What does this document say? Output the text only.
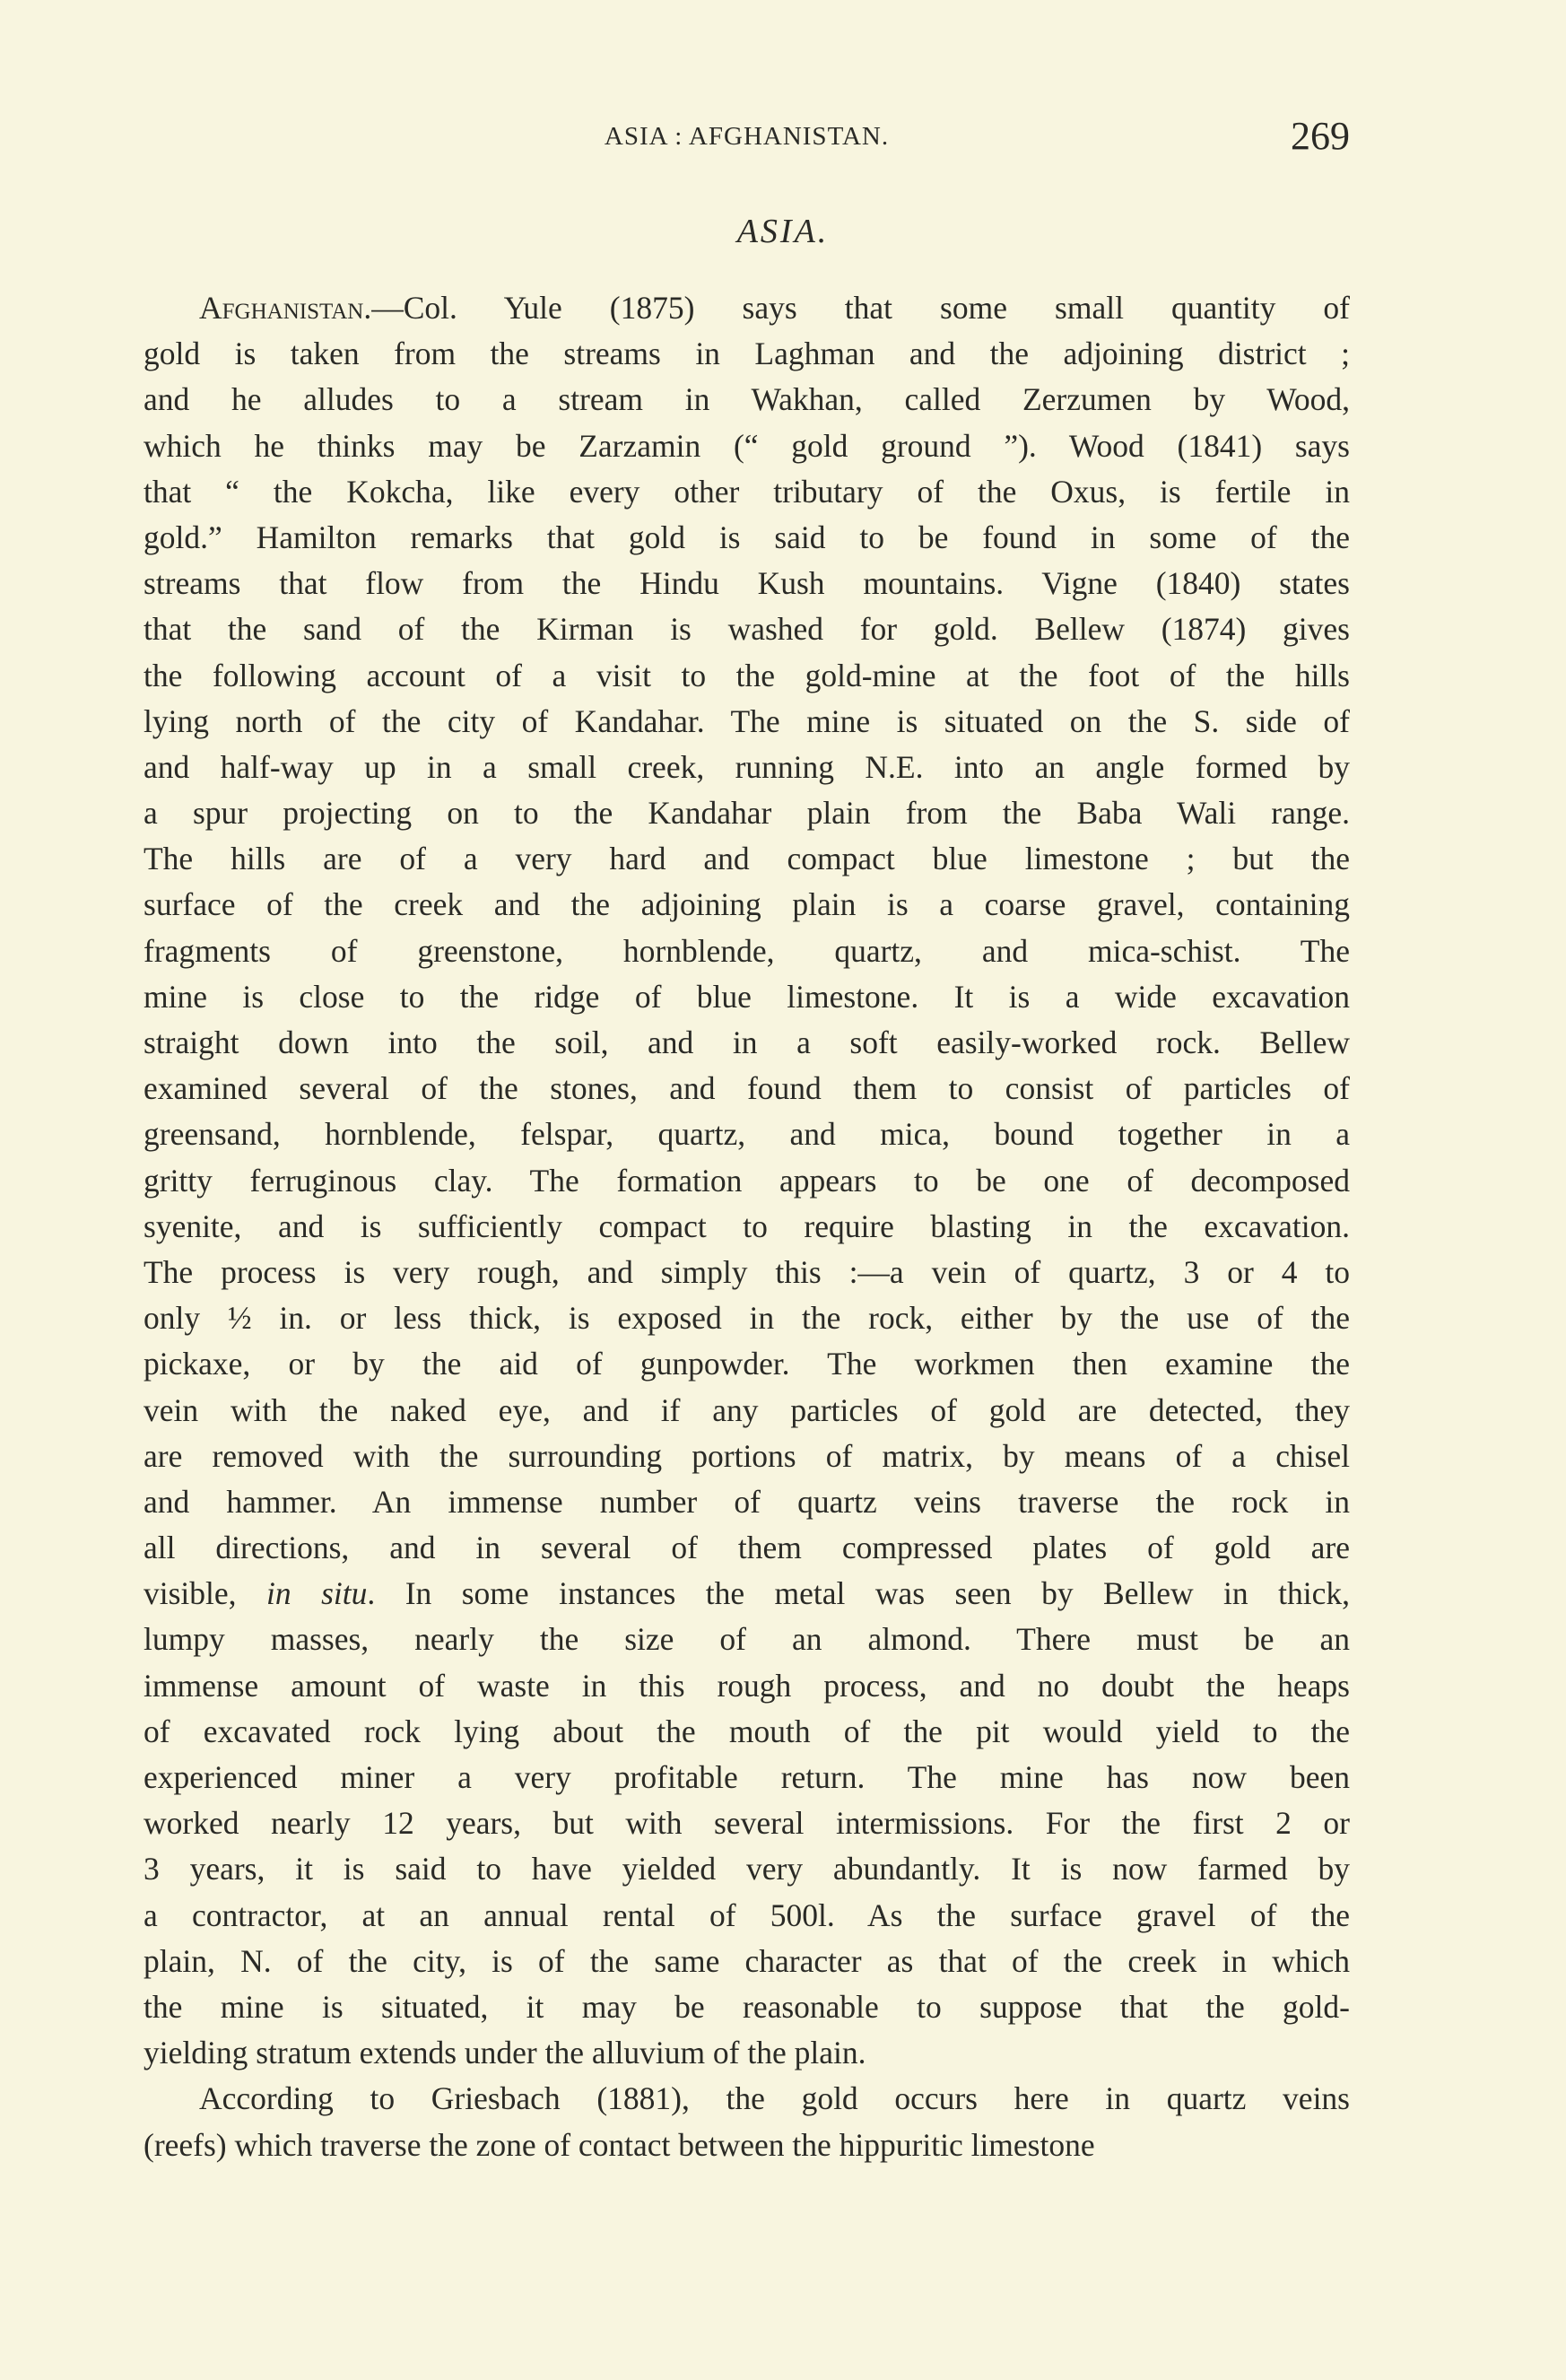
ASIA : AFGHANISTAN.	269
ASIA.
Afghanistan.—Col. Yule (1875) says that some small quantity of
gold is taken from the streams in Laghman and the adjoining district ;
and he alludes to a stream in Wakhan, called Zerzumen by Wood,
which he thinks may be Zarzamin (“ gold ground ”). Wood (1841) says
that “ the Kokcha, like every other tributary of the Oxus, is fertile in
gold.” Hamilton remarks that gold is said to be found in some of the
streams that flow from the Hindu Kush mountains. Vigne (1840) states
that the sand of the Kirman is washed for gold. Bellew (1874) gives
the following account of a visit to the gold-mine at the foot of the hills
lying north of the city of Kandahar. The mine is situated on the S. side of
and half-way up in a small creek, running N.E. into an angle formed by
a spur projecting on to the Kandahar plain from the Baba Wali range.
The hills are of a very hard and compact blue limestone ; but the
surface of the creek and the adjoining plain is a coarse gravel, containing
fragments of greenstone, hornblende, quartz, and mica-schist. The
mine is close to the ridge of blue limestone. It is a wide excavation
straight down into the soil, and in a soft easily-worked rock. Bellew
examined several of the stones, and found them to consist of particles of
greensand, hornblende, felspar, quartz, and mica, bound together in a
gritty ferruginous clay. The formation appears to be one of decomposed
syenite, and is sufficiently compact to require blasting in the excavation.
The process is very rough, and simply this :—a vein of quartz, 3 or 4 to
only ½ in. or less thick, is exposed in the rock, either by the use of the
pickaxe, or by the aid of gunpowder. The workmen then examine the
vein with the naked eye, and if any particles of gold are detected, they
are removed with the surrounding portions of matrix, by means of a chisel
and hammer. An immense number of quartz veins traverse the rock in
all directions, and in several of them compressed plates of gold are
visible, in situ. In some instances the metal was seen by Bellew in thick,
lumpy masses, nearly the size of an almond. There must be an
immense amount of waste in this rough process, and no doubt the heaps
of excavated rock lying about the mouth of the pit would yield to the
experienced miner a very profitable return. The mine has now been
worked nearly 12 years, but with several intermissions. For the first 2 or
3 years, it is said to have yielded very abundantly. It is now farmed by
a contractor, at an annual rental of 500l. As the surface gravel of the
plain, N. of the city, is of the same character as that of the creek in which
the mine is situated, it may be reasonable to suppose that the gold-
yielding stratum extends under the alluvium of the plain.
According to Griesbach (1881), the gold occurs here in quartz veins
(reefs) which traverse the zone of contact between the hippuritic limestone
